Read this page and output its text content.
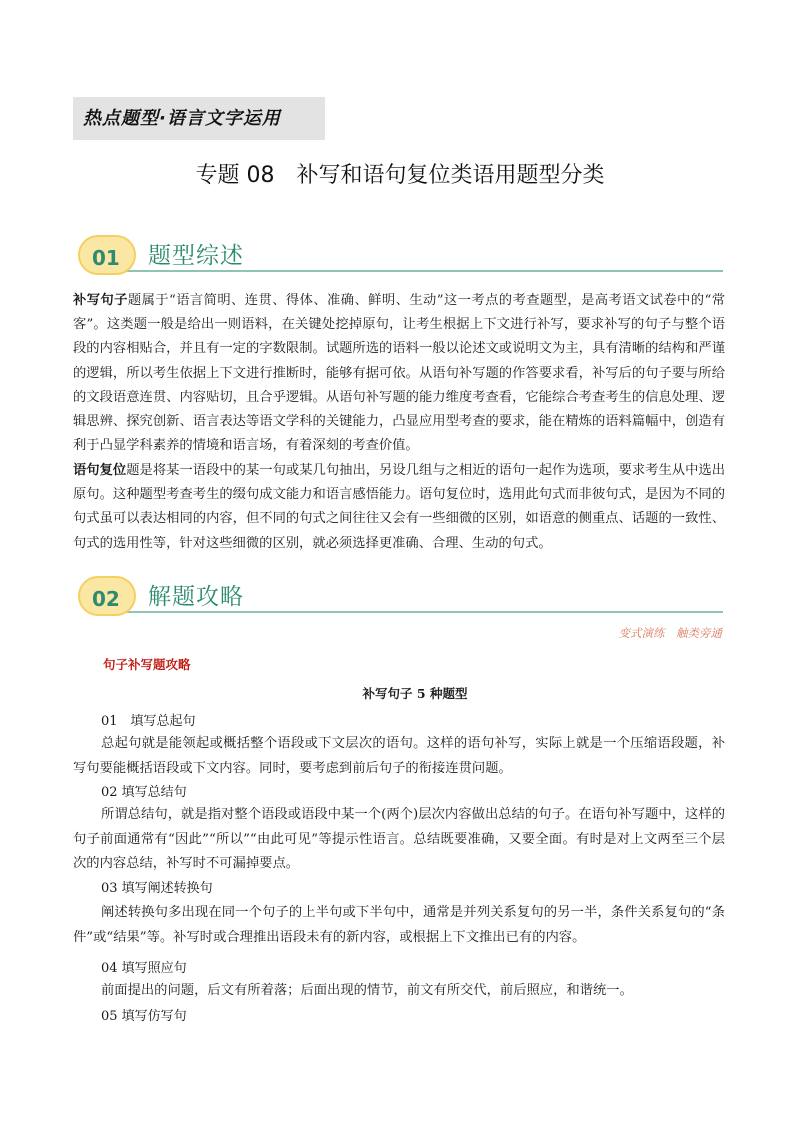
热点题型·语言文字运用
专题 08　补写和语句复位类语用题型分类
01 题型综述
补写句子题属于“语言简明、连贯、得体、准确、鲜明、生动”这一考点的考查题型，是高考语文试卷中的“常客”。这类题一般是给出一则语料，在关键处挖掉原句，让考生根据上下文进行补写，要求补写的句子与整个语段的内容相贴合，并且有一定的字数限制。试题所选的语料一般以论述文或说明文为主，具有清晰的结构和严谨的逻辑，所以考生依据上下文进行推断时，能够有据可依。从语句补写题的作答要求看，补写后的句子要与所给的文段语意连贯、内容贴切，且合乎逻辑。从语句补写题的能力维度考查看，它能综合考查考生的信息处理、逻辑思辨、探究创新、语言表达等语文学科的关键能力，凸显应用型考查的要求，能在精炼的语料篇幅中，创造有利于凸显学科素养的情境和语言场，有着深刻的考查价值。
语句复位题是将某一语段中的某一句或某几句抽出，另设几组与之相近的语句一起作为选项，要求考生从中选出原句。这种题型考查考生的缀句成文能力和语言感悟能力。语句复位时，选用此句式而非彼句式，是因为不同的句式虽可以表达相同的内容，但不同的句式之间往往又会有一些细微的区别，如语意的侧重点、话题的一致性、句式的选用性等，针对这些细微的区别，就必须选择更准确、合理、生动的句式。
02 解题攻略
变式演练　触类旁通
句子补写题攻略
补写句子 5 种题型
01　填写总起句
总起句就是能领起或概括整个语段或下文层次的语句。这样的语句补写，实际上就是一个压缩语段题，补写句要能概括语段或下文内容。同时，要考虑到前后句子的衔接连贯问题。
02 填写总结句
所谓总结句，就是指对整个语段或语段中某一个(两个)层次内容做出总结的句子。在语句补写题中，这样的句子前面通常有“因此”“所以”“由此可见”等提示性语言。总结既要准确，又要全面。有时是对上文两至三个层次的内容总结，补写时不可漏掉要点。
03 填写阐述转换句
阐述转换句多出现在同一个句子的上半句或下半句中，通常是并列关系复句的另一半，条件关系复句的“条件”或“结果”等。补写时或合理推出语段未有的新内容，或根据上下文推出已有的内容。
04 填写照应句
前面提出的问题，后文有所着落；后面出现的情节，前文有所交代，前后照应，和谐统一。
05 填写仿写句
